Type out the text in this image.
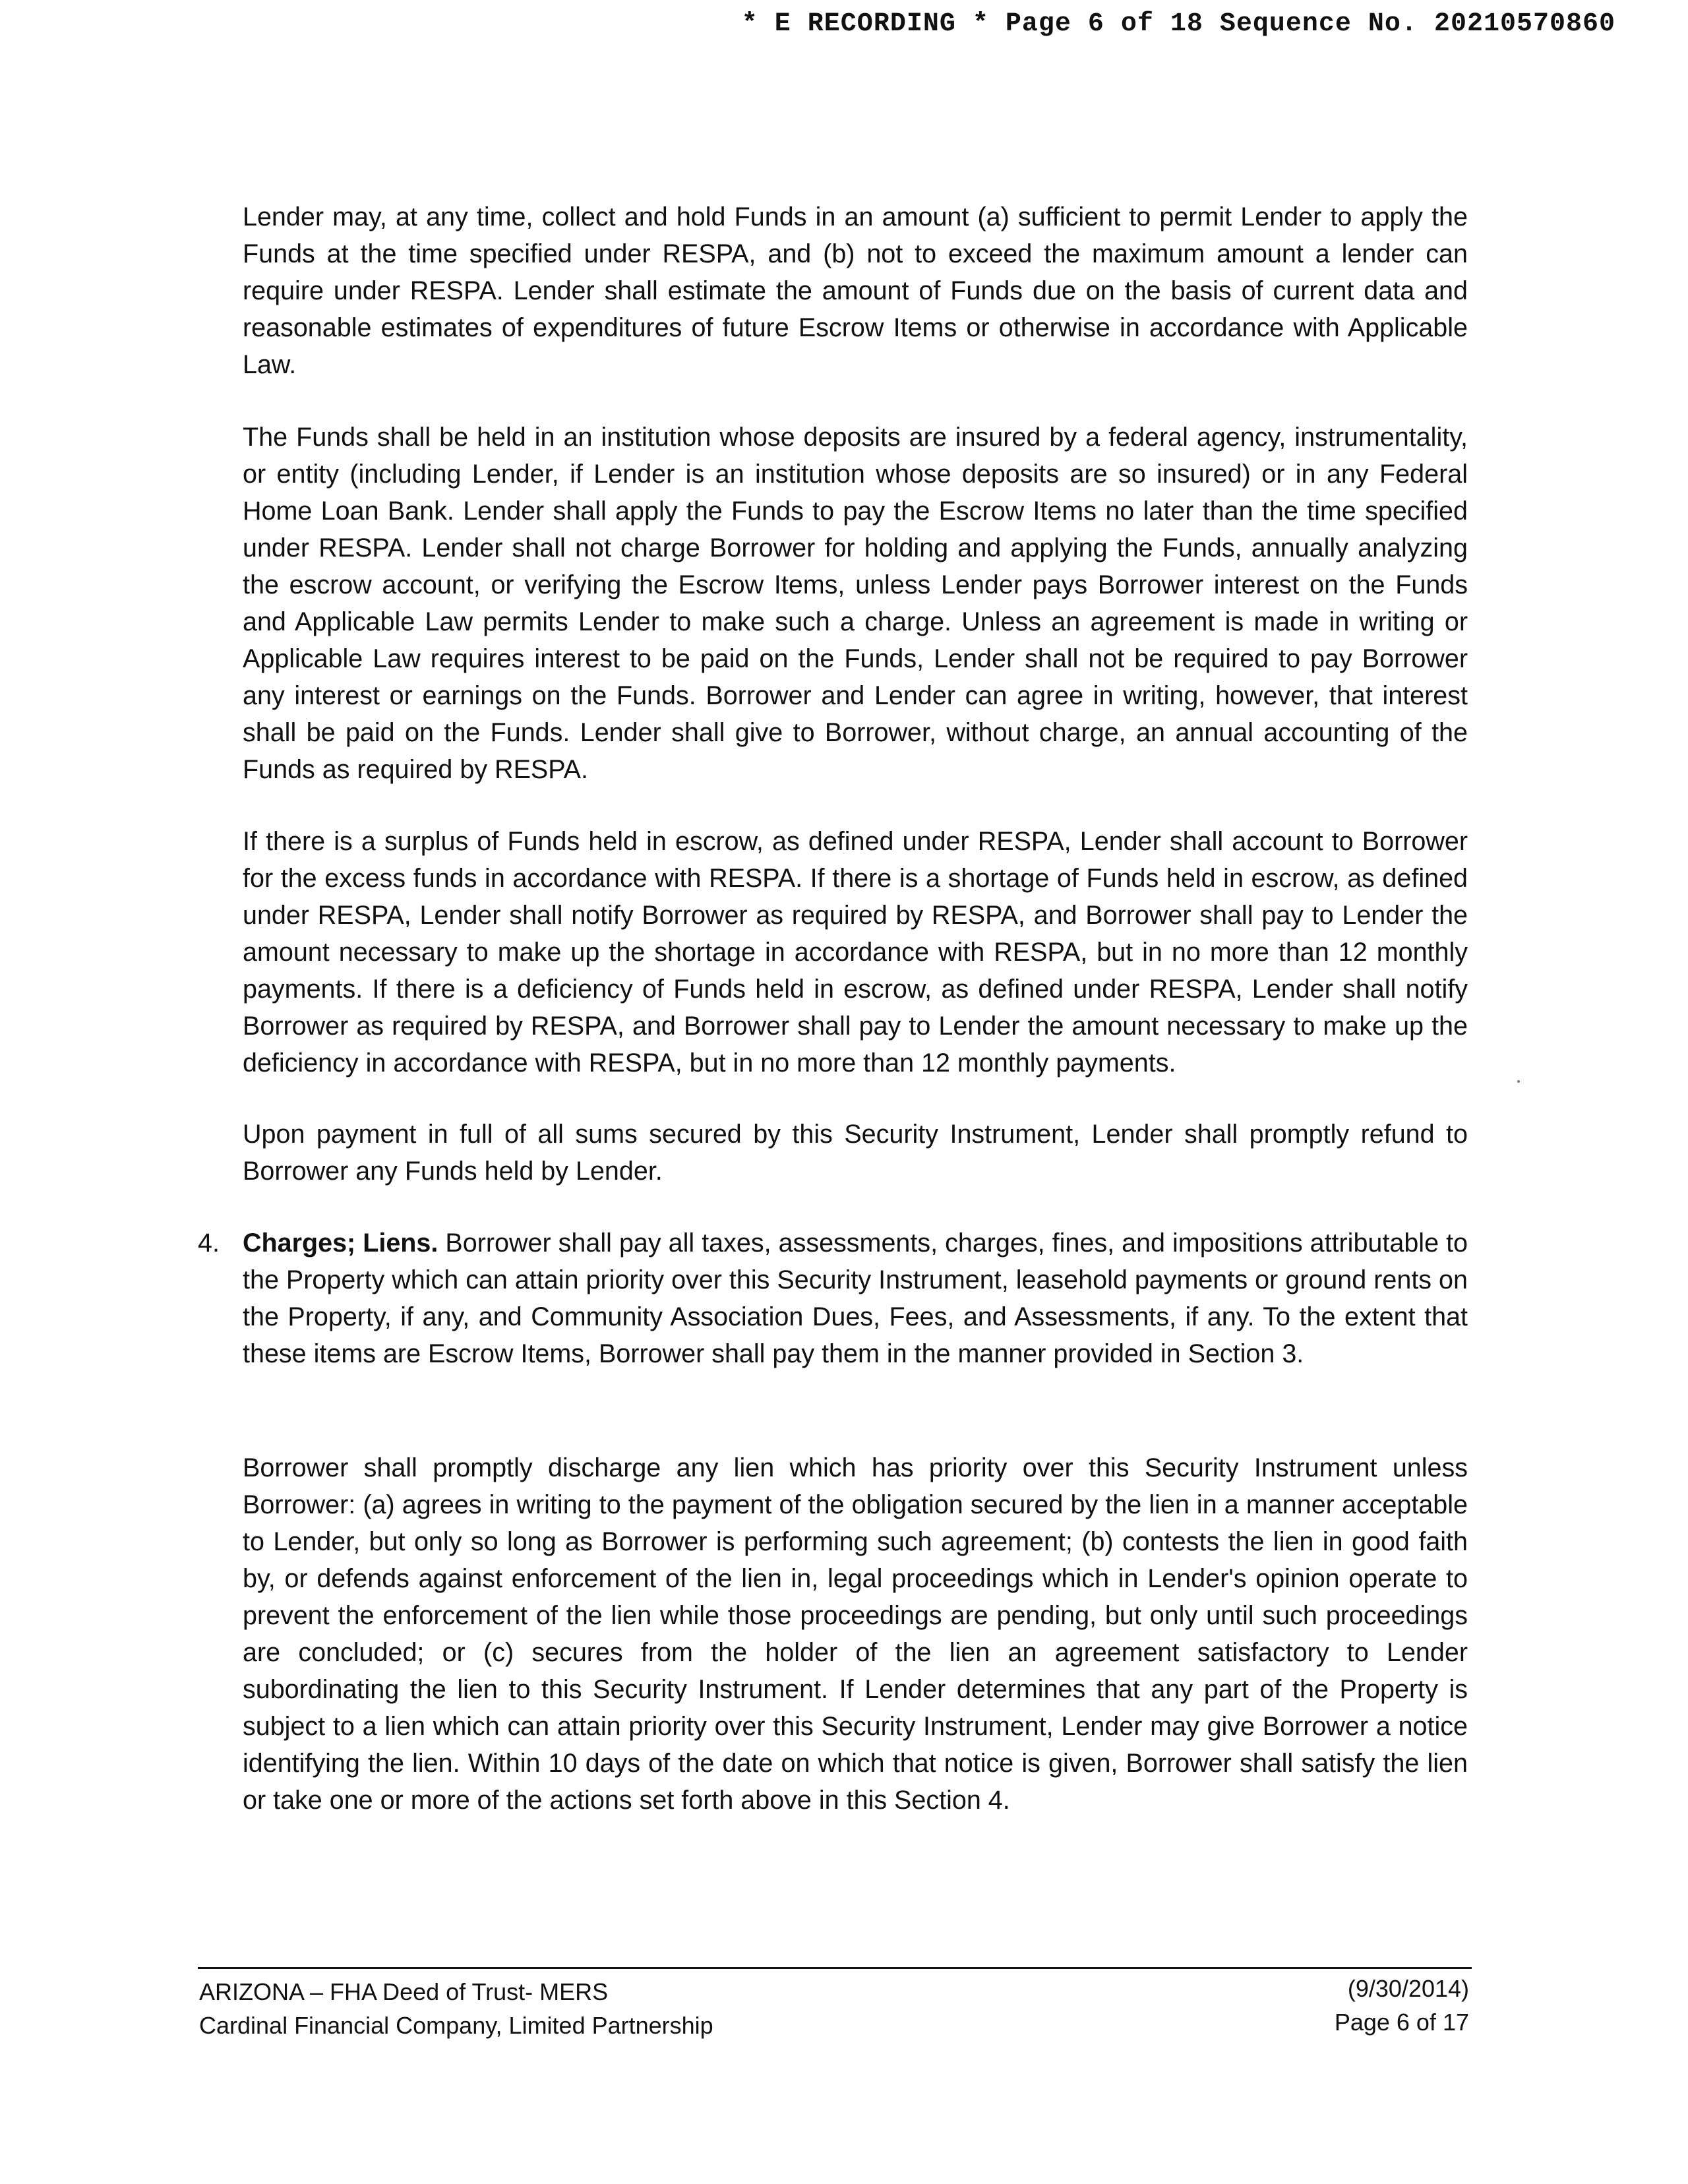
* E RECORDING * Page 6 of 18 Sequence No. 20210570860

Lender may, at any time, collect and hold Funds in an amount (a) sufficient to permit Lender to apply the Funds at the time specified under RESPA, and (b) not to exceed the maximum amount a lender can require under RESPA. Lender shall estimate the amount of Funds due on the basis of current data and reasonable estimates of expenditures of future Escrow Items or otherwise in accordance with Applicable Law.

The Funds shall be held in an institution whose deposits are insured by a federal agency, instrumentality, or entity (including Lender, if Lender is an institution whose deposits are so insured) or in any Federal Home Loan Bank. Lender shall apply the Funds to pay the Escrow Items no later than the time specified under RESPA. Lender shall not charge Borrower for holding and applying the Funds, annually analyzing the escrow account, or verifying the Escrow Items, unless Lender pays Borrower interest on the Funds and Applicable Law permits Lender to make such a charge. Unless an agreement is made in writing or Applicable Law requires interest to be paid on the Funds, Lender shall not be required to pay Borrower any interest or earnings on the Funds. Borrower and Lender can agree in writing, however, that interest shall be paid on the Funds. Lender shall give to Borrower, without charge, an annual accounting of the Funds as required by RESPA.

If there is a surplus of Funds held in escrow, as defined under RESPA, Lender shall account to Borrower for the excess funds in accordance with RESPA. If there is a shortage of Funds held in escrow, as defined under RESPA, Lender shall notify Borrower as required by RESPA, and Borrower shall pay to Lender the amount necessary to make up the shortage in accordance with RESPA, but in no more than 12 monthly payments. If there is a deficiency of Funds held in escrow, as defined under RESPA, Lender shall notify Borrower as required by RESPA, and Borrower shall pay to Lender the amount necessary to make up the deficiency in accordance with RESPA, but in no more than 12 monthly payments.

Upon payment in full of all sums secured by this Security Instrument, Lender shall promptly refund to Borrower any Funds held by Lender.

4. Charges; Liens. Borrower shall pay all taxes, assessments, charges, fines, and impositions attributable to the Property which can attain priority over this Security Instrument, leasehold payments or ground rents on the Property, if any, and Community Association Dues, Fees, and Assessments, if any. To the extent that these items are Escrow Items, Borrower shall pay them in the manner provided in Section 3.

Borrower shall promptly discharge any lien which has priority over this Security Instrument unless Borrower: (a) agrees in writing to the payment of the obligation secured by the lien in a manner acceptable to Lender, but only so long as Borrower is performing such agreement; (b) contests the lien in good faith by, or defends against enforcement of the lien in, legal proceedings which in Lender's opinion operate to prevent the enforcement of the lien while those proceedings are pending, but only until such proceedings are concluded; or (c) secures from the holder of the lien an agreement satisfactory to Lender subordinating the lien to this Security Instrument. If Lender determines that any part of the Property is subject to a lien which can attain priority over this Security Instrument, Lender may give Borrower a notice identifying the lien. Within 10 days of the date on which that notice is given, Borrower shall satisfy the lien or take one or more of the actions set forth above in this Section 4.

ARIZONA – FHA Deed of Trust- MERS
Cardinal Financial Company, Limited Partnership
(9/30/2014)
Page 6 of 17
